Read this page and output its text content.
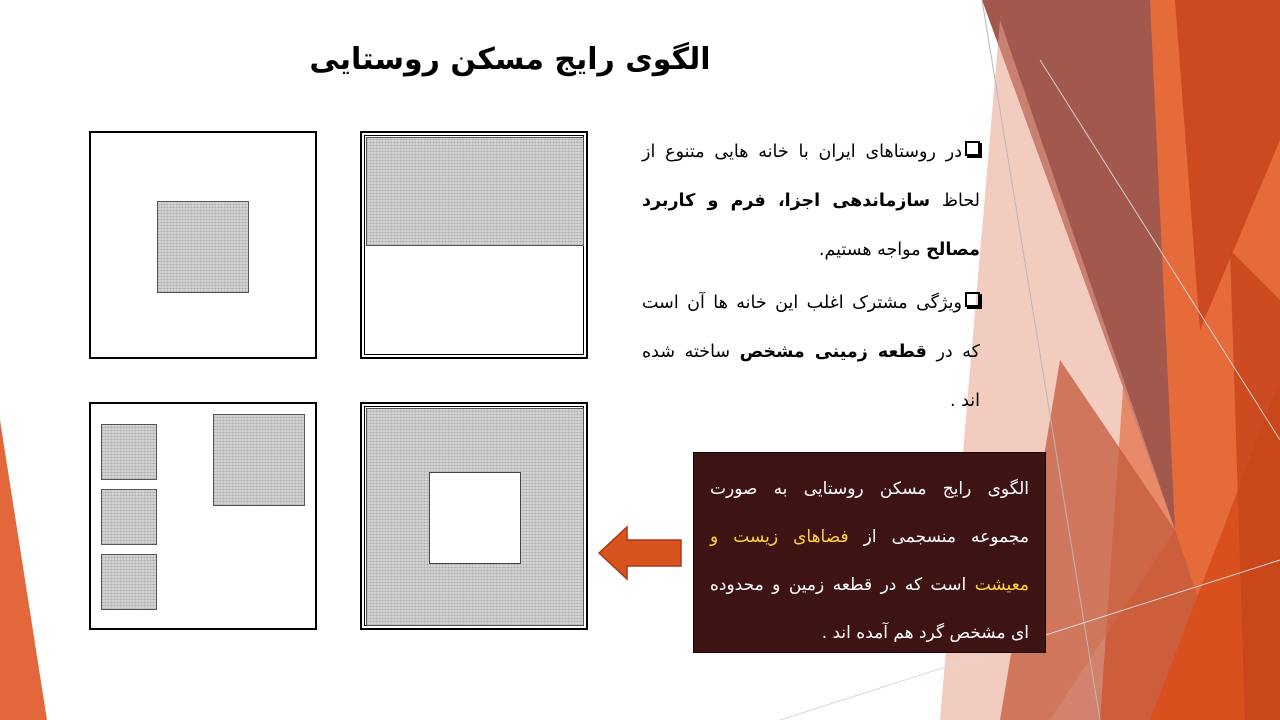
الگوی رایج مسکن روستایی

در روستاهای ایران با خانه هایی متنوع از لحاظ سازماندهی اجزا، فرم و کاربرد مصالح مواجه هستیم.

ویژگی مشترک اغلب این خانه ها آن است که در قطعه زمینی مشخص ساخته شده اند .

الگوی رایج مسکن روستایی به صورت مجموعه منسجمی از فضاهای زیست و معیشت است که در قطعه زمین و محدوده ای مشخص گرد هم آمده اند .
